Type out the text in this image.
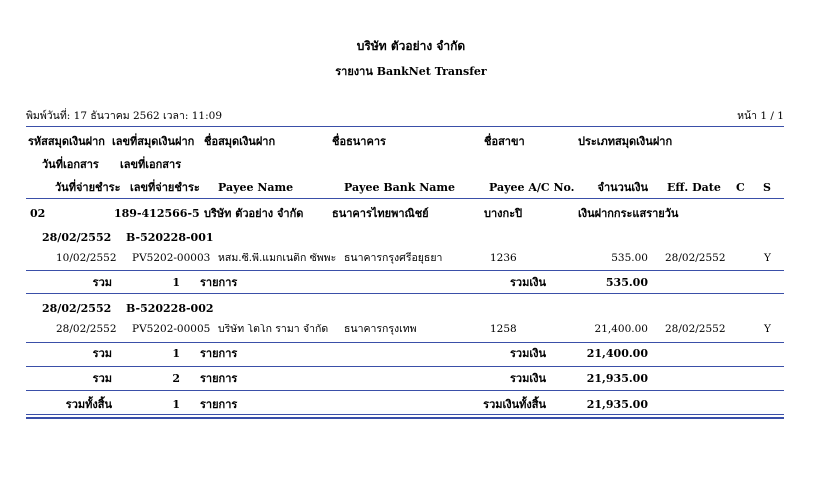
บริษัท ตัวอย่าง จำกัด
รายงาน BankNet Transfer
พิมพ์วันที่: 17 ธันวาคม 2562 เวลา: 11:09	หน้า 1 / 1
รหัสสมุดเงินฝาก เลขที่สมุดเงินฝาก ชื่อสมุดเงินฝาก	ชื่อธนาคาร	ชื่อสาขา	ประเภทสมุดเงินฝาก
วันที่เอกสาร เลขที่เอกสาร
วันที่จ่ายชำระ เลขที่จ่ายชำระ Payee Name	Payee Bank Name	Payee A/C No.	จำนวนเงิน Eff. Date C S
02	189-412566-5 บริษัท ตัวอย่าง จำกัด	ธนาคารไทยพาณิชย์	บางกะปิ	เงินฝากกระแสรายวัน
28/02/2552 B-520228-001
10/02/2552 PV5202-00003 หสม.ซี.พี.แมกเนติก ซัพพะ ธนาคารกรุงศรีอยุธยา	1236	535.00 28/02/2552	Y
รวม	1 รายการ	รวมเงิน	535.00
28/02/2552 B-520228-002
28/02/2552 PV5202-00005 บริษัท โตโก รามา จำกัด	ธนาคารกรุงเทพ	1258	21,400.00 28/02/2552	Y
รวม	1 รายการ	รวมเงิน	21,400.00
รวม	2 รายการ	รวมเงิน	21,935.00
รวมทั้งสิ้น	1 รายการ	รวมเงินทั้งสิ้น	21,935.00
